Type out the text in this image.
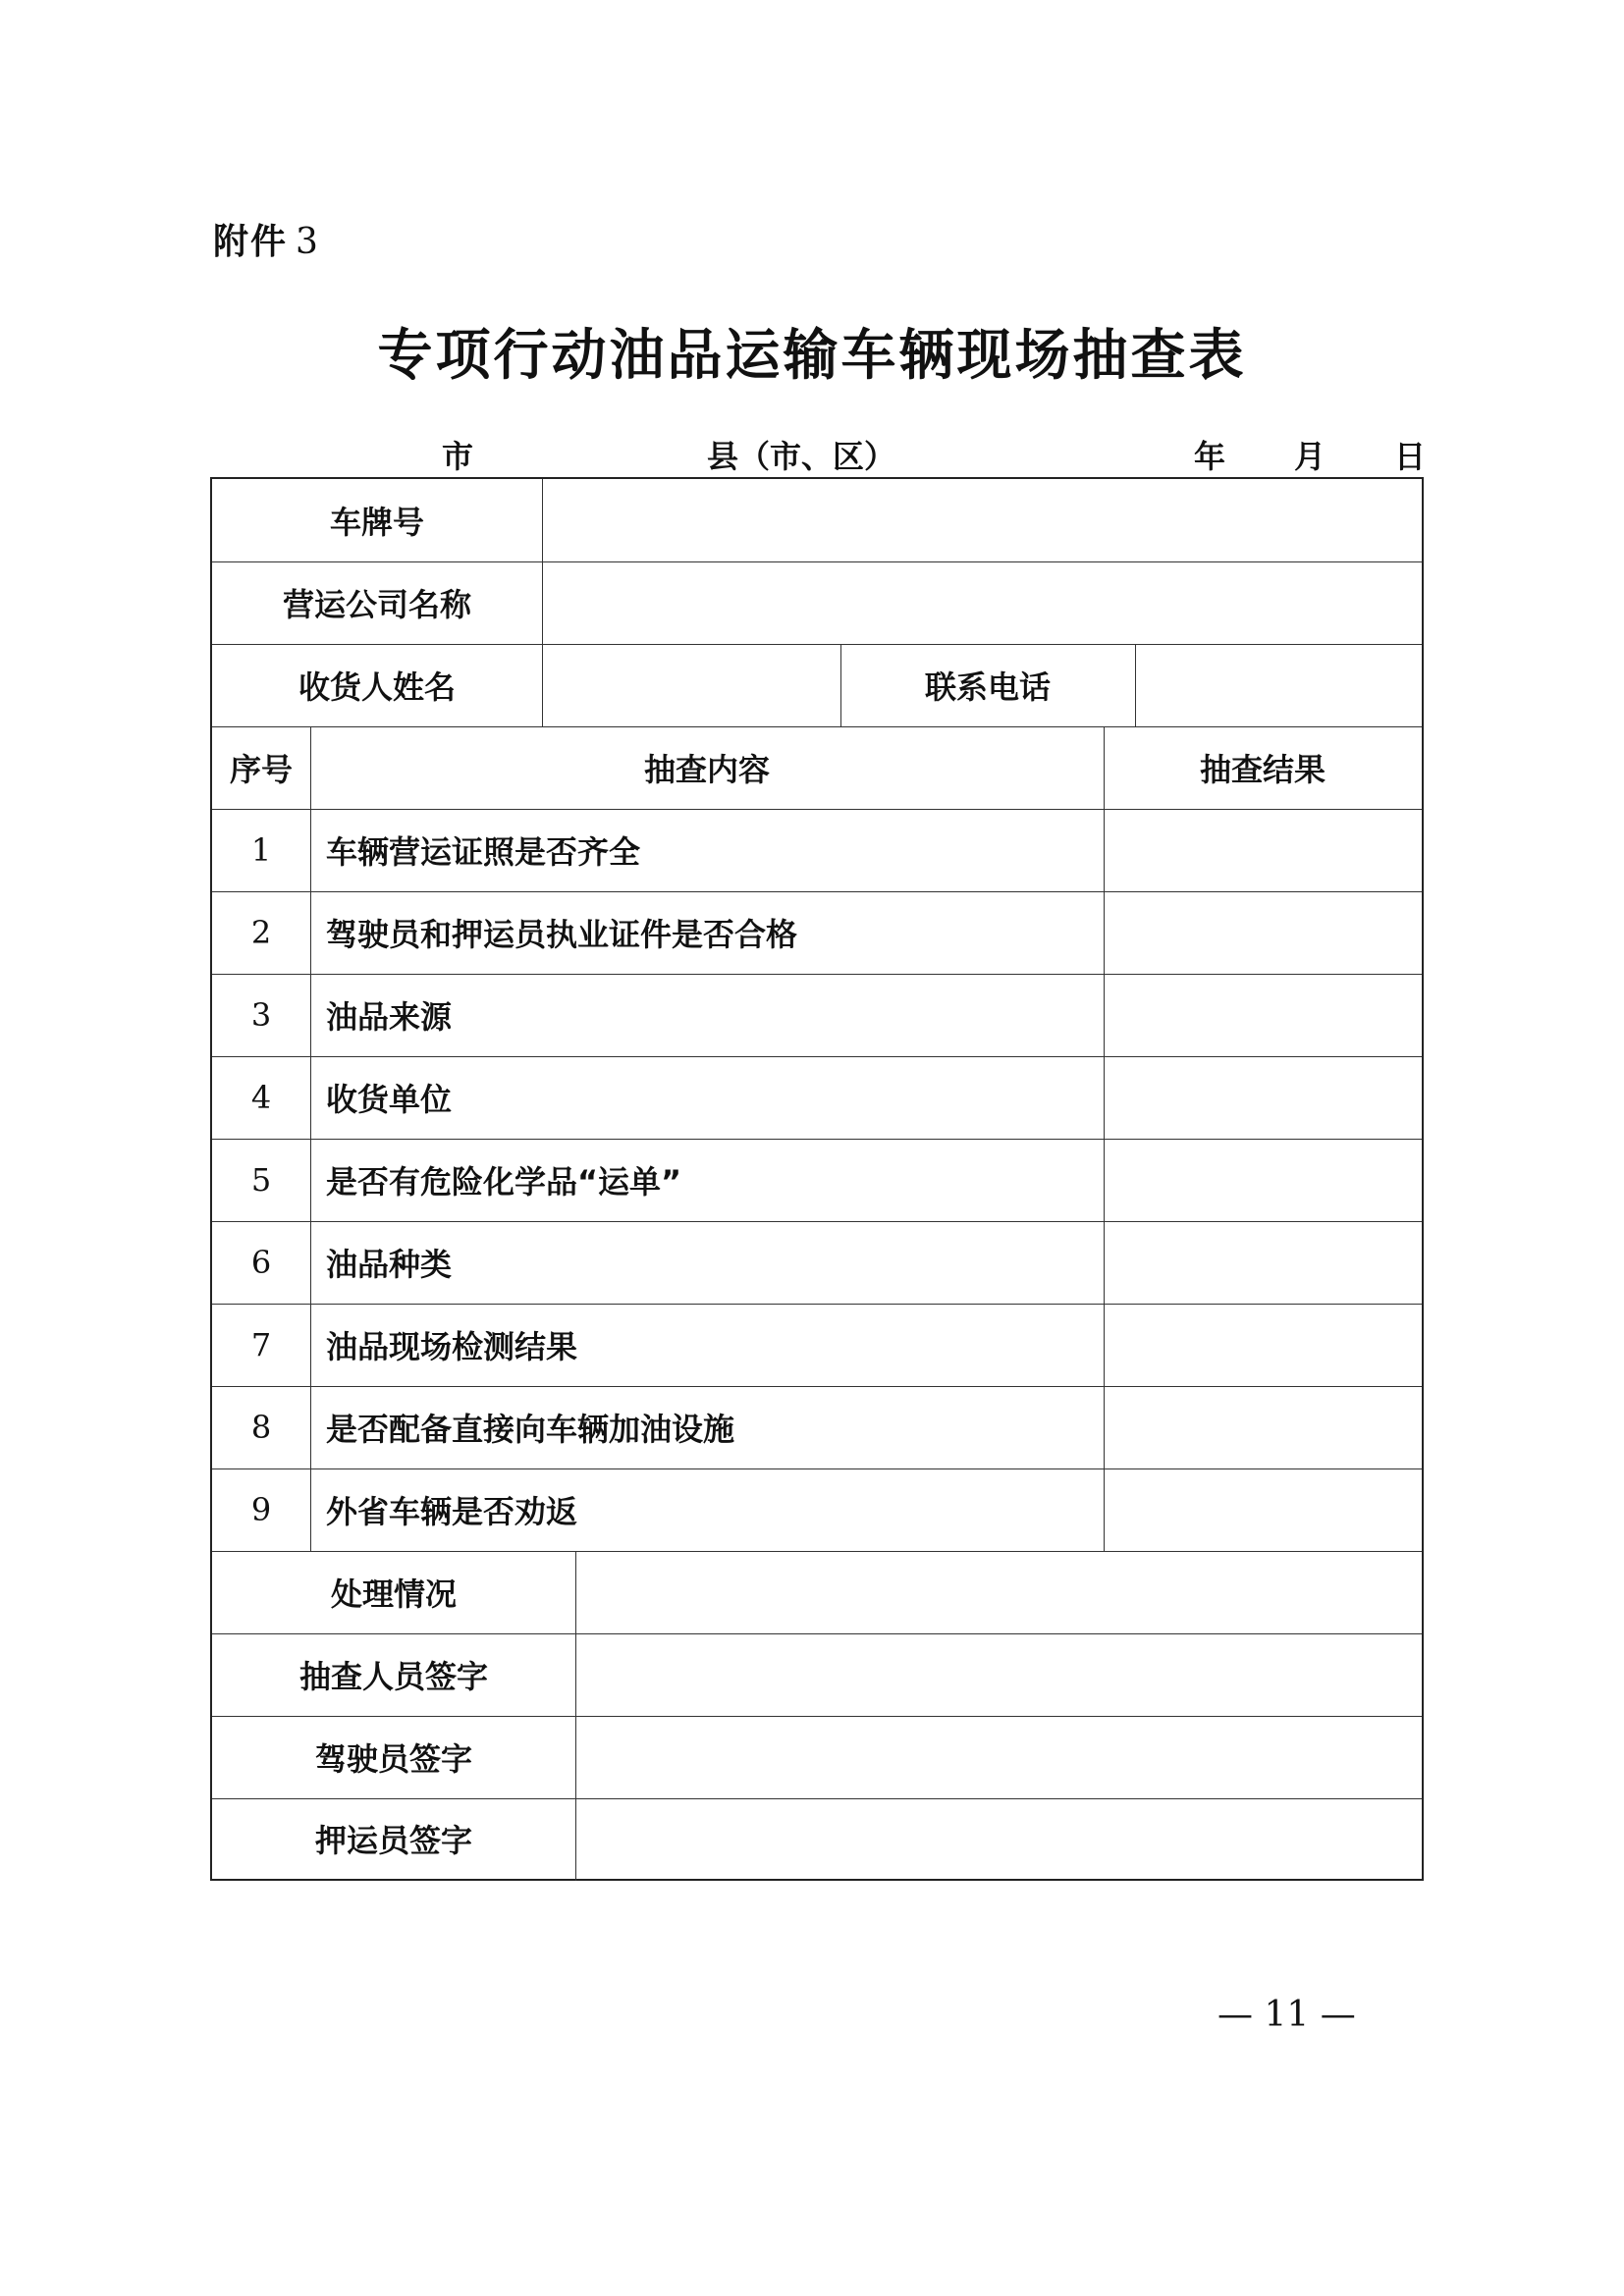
附件 3
专项行动油品运输车辆现场抽查表
市	县（市、区）	年 月 日
车牌号
营运公司名称
收货人姓名	联系电话
序号	抽查内容	抽查结果
1	车辆营运证照是否齐全
2	驾驶员和押运员执业证件是否合格
3	油品来源
4	收货单位
5	是否有危险化学品“运单”
6	油品种类
7	油品现场检测结果
8	是否配备直接向车辆加油设施
9	外省车辆是否劝返
处理情况
抽查人员签字
驾驶员签字
押运员签字
— 11 —
